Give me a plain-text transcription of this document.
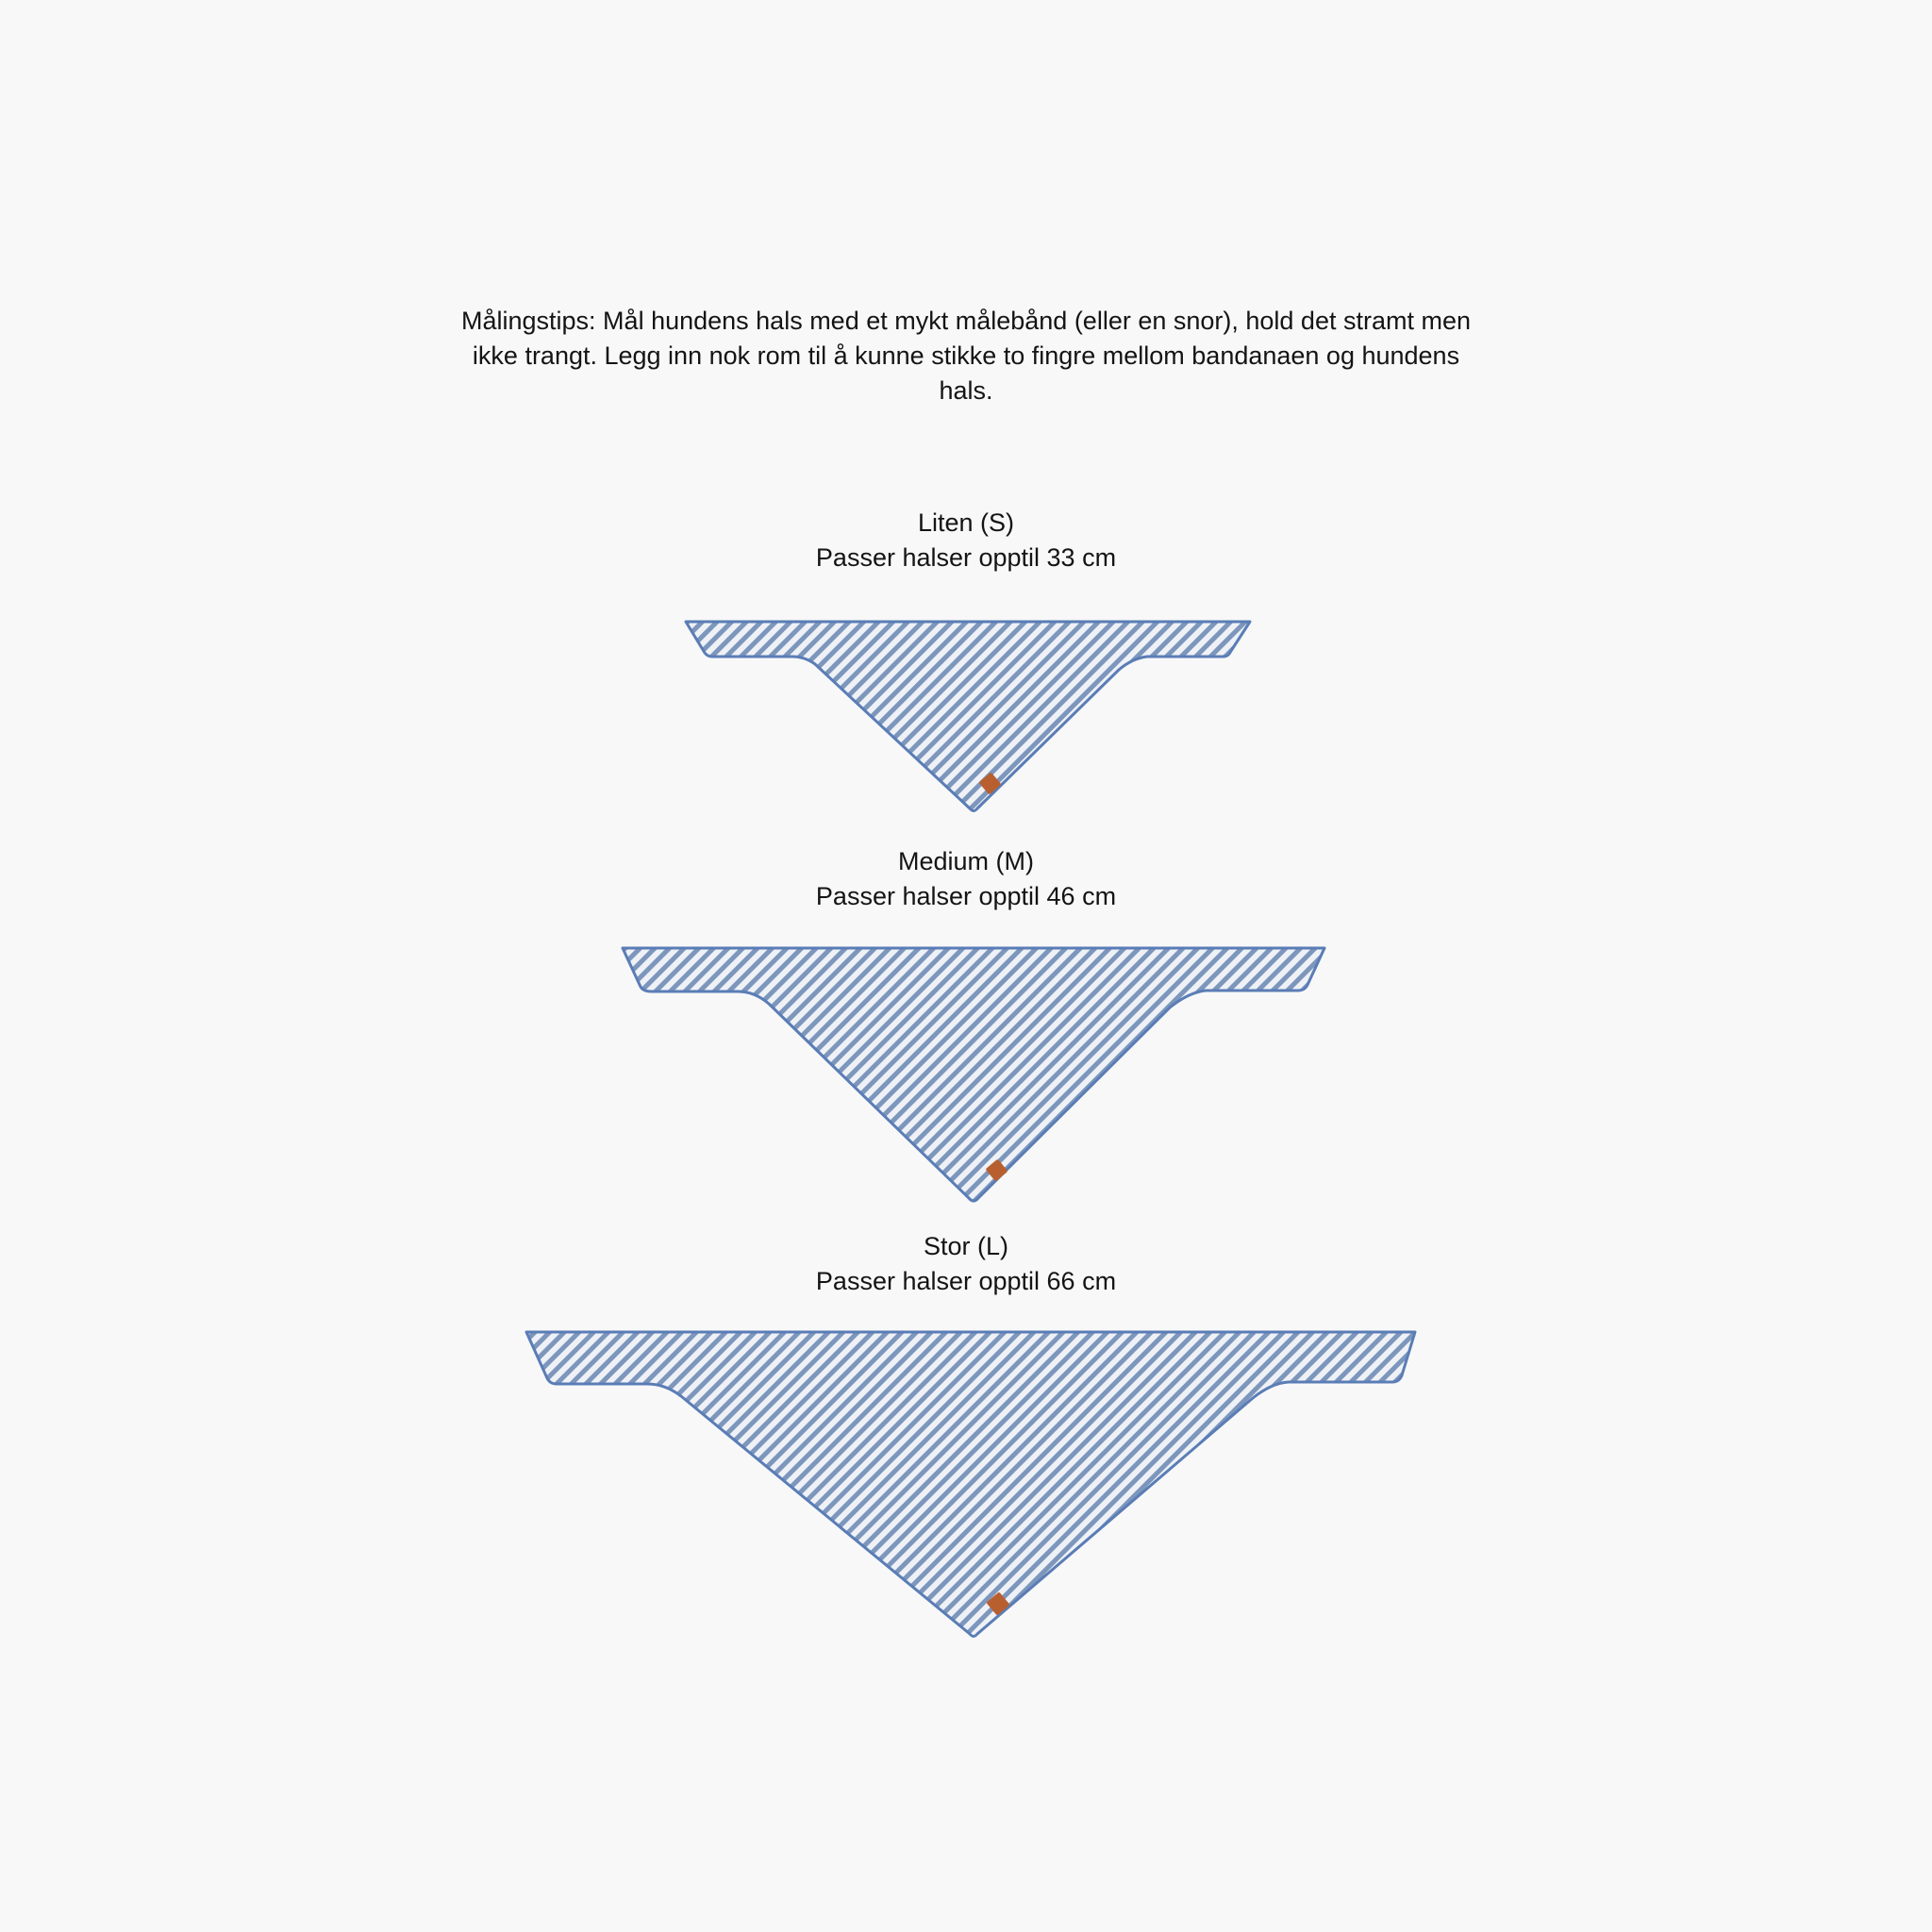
Målingstips: Mål hundens hals med et mykt målebånd (eller en snor), hold det stramt men ikke trangt. Legg inn nok rom til å kunne stikke to fingre mellom bandanaen og hundens hals.

Liten (S)
Passer halser opptil 33 cm
Medium (M)
Passer halser opptil 46 cm
Stor (L)
Passer halser opptil 66 cm
